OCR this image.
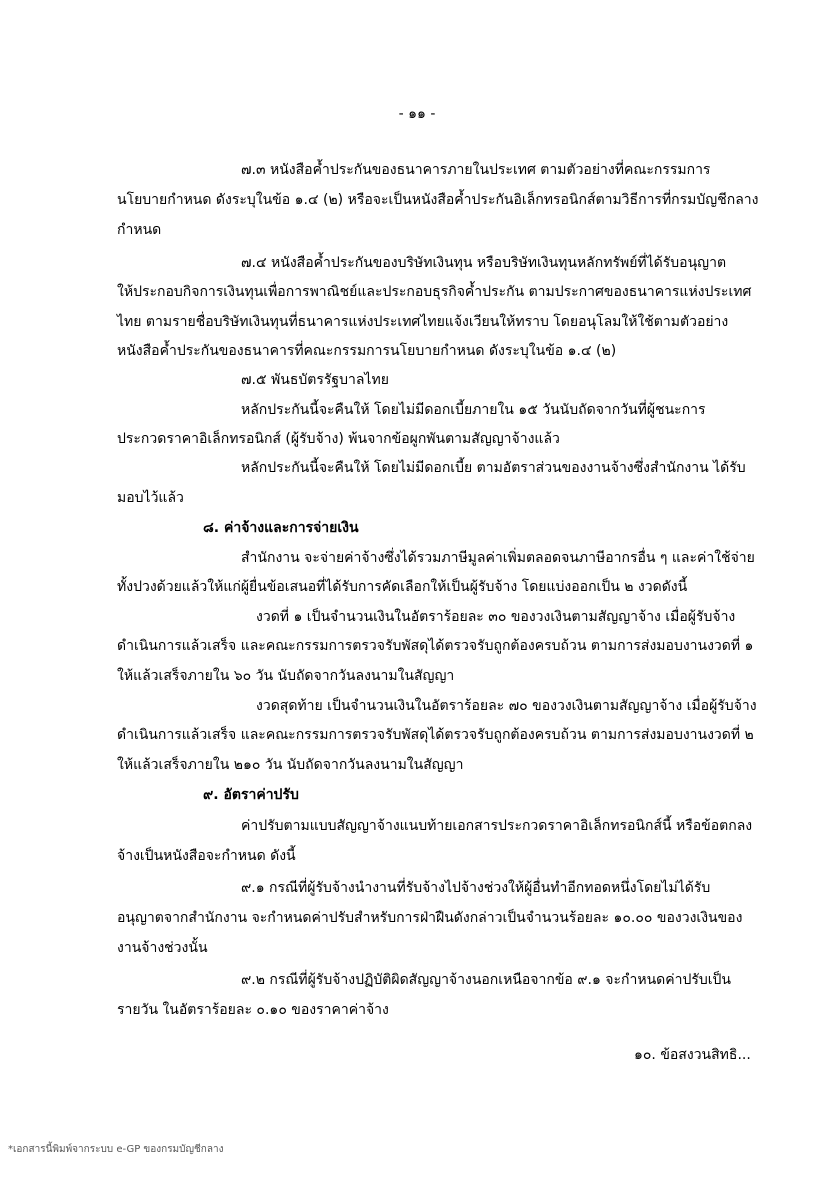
- ๑๑ -
๗.๓ หนังสือค้ำประกันของธนาคารภายในประเทศ ตามตัวอย่างที่คณะกรรมการ
นโยบายกำหนด ดังระบุในข้อ ๑.๔ (๒) หรือจะเป็นหนังสือค้ำประกันอิเล็กทรอนิกส์ตามวิธีการที่กรมบัญชีกลาง
กำหนด
๗.๔ หนังสือค้ำประกันของบริษัทเงินทุน หรือบริษัทเงินทุนหลักทรัพย์ที่ได้รับอนุญาต
ให้ประกอบกิจการเงินทุนเพื่อการพาณิชย์และประกอบธุรกิจค้ำประกัน ตามประกาศของธนาคารแห่งประเทศ
ไทย ตามรายชื่อบริษัทเงินทุนที่ธนาคารแห่งประเทศไทยแจ้งเวียนให้ทราบ โดยอนุโลมให้ใช้ตามตัวอย่าง
หนังสือค้ำประกันของธนาคารที่คณะกรรมการนโยบายกำหนด ดังระบุในข้อ ๑.๔ (๒)
๗.๕ พันธบัตรรัฐบาลไทย
หลักประกันนี้จะคืนให้ โดยไม่มีดอกเบี้ยภายใน ๑๕ วันนับถัดจากวันที่ผู้ชนะการ
ประกวดราคาอิเล็กทรอนิกส์ (ผู้รับจ้าง) พ้นจากข้อผูกพันตามสัญญาจ้างแล้ว
หลักประกันนี้จะคืนให้ โดยไม่มีดอกเบี้ย ตามอัตราส่วนของงานจ้างซึ่งสำนักงาน ได้รับ
มอบไว้แล้ว
๘. ค่าจ้างและการจ่ายเงิน
สำนักงาน จะจ่ายค่าจ้างซึ่งได้รวมภาษีมูลค่าเพิ่มตลอดจนภาษีอากรอื่น ๆ และค่าใช้จ่าย
ทั้งปวงด้วยแล้วให้แก่ผู้ยื่นข้อเสนอที่ได้รับการคัดเลือกให้เป็นผู้รับจ้าง โดยแบ่งออกเป็น ๒ งวดดังนี้
งวดที่ ๑ เป็นจำนวนเงินในอัตราร้อยละ ๓๐ ของวงเงินตามสัญญาจ้าง เมื่อผู้รับจ้าง
ดำเนินการแล้วเสร็จ และคณะกรรมการตรวจรับพัสดุได้ตรวจรับถูกต้องครบถ้วน ตามการส่งมอบงานงวดที่ ๑
ให้แล้วเสร็จภายใน ๖๐ วัน นับถัดจากวันลงนามในสัญญา
งวดสุดท้าย เป็นจำนวนเงินในอัตราร้อยละ ๗๐ ของวงเงินตามสัญญาจ้าง เมื่อผู้รับจ้าง
ดำเนินการแล้วเสร็จ และคณะกรรมการตรวจรับพัสดุได้ตรวจรับถูกต้องครบถ้วน ตามการส่งมอบงานงวดที่ ๒
ให้แล้วเสร็จภายใน ๒๑๐ วัน นับถัดจากวันลงนามในสัญญา
๙. อัตราค่าปรับ
ค่าปรับตามแบบสัญญาจ้างแนบท้ายเอกสารประกวดราคาอิเล็กทรอนิกส์นี้ หรือข้อตกลง
จ้างเป็นหนังสือจะกำหนด ดังนี้
๙.๑ กรณีที่ผู้รับจ้างนำงานที่รับจ้างไปจ้างช่วงให้ผู้อื่นทำอีกทอดหนึ่งโดยไม่ได้รับ
อนุญาตจากสำนักงาน จะกำหนดค่าปรับสำหรับการฝ่าฝืนดังกล่าวเป็นจำนวนร้อยละ ๑๐.๐๐ ของวงเงินของ
งานจ้างช่วงนั้น
๙.๒ กรณีที่ผู้รับจ้างปฏิบัติผิดสัญญาจ้างนอกเหนือจากข้อ ๙.๑ จะกำหนดค่าปรับเป็น
รายวัน ในอัตราร้อยละ ๐.๑๐ ของราคาค่าจ้าง
๑๐. ข้อสงวนสิทธิ...
*เอกสารนี้พิมพ์จากระบบ e-GP ของกรมบัญชีกลาง
